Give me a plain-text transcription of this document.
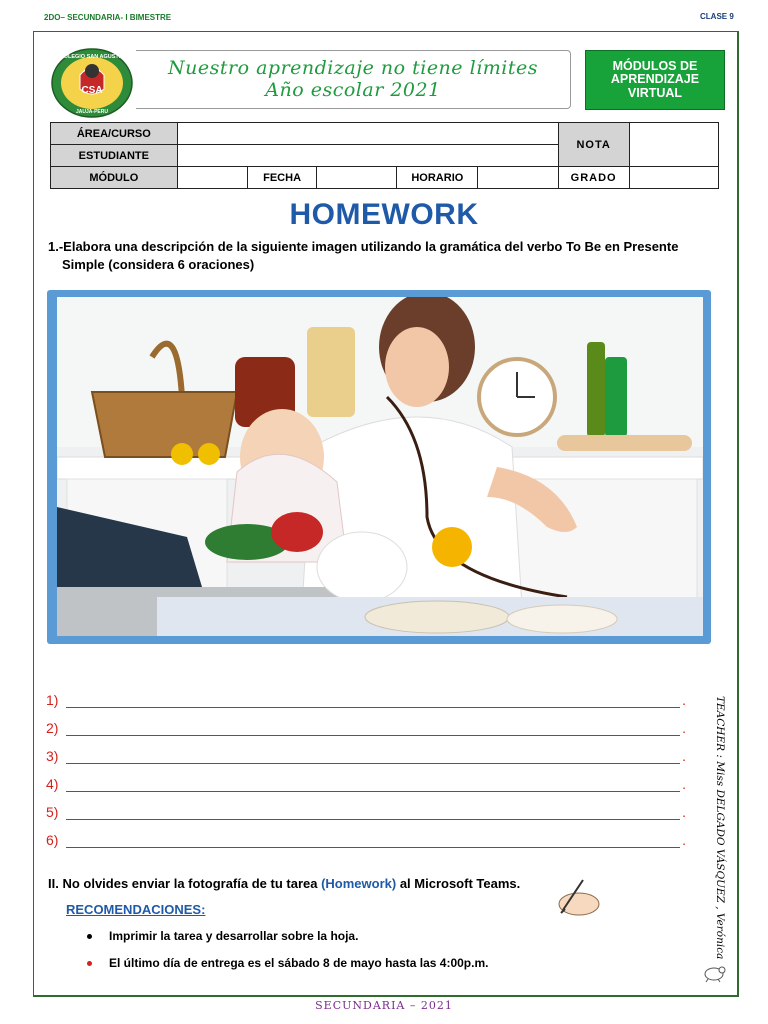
2DO– SECUNDARIA- I BIMESTRE	CLASE 9
CSA
COLEGIO SAN AGUSTIN
JAUJA-PERU
Nuestro aprendizaje no tiene límites
Año escolar 2021
MÓDULOS DE
APRENDIZAJE
VIRTUAL
ÁREA/CURSO						NOTA	
ESTUDIANTE							
MÓDULO		FECHA		HORARIO		GRADO	
HOMEWORK
1.-Elabora una descripción de la siguiente imagen utilizando la gramática del verbo To Be en Presente Simple (considera 6 oraciones)
1)	.
2)	.
3)	.
4)	.
5)	.
6)	.	TEACHER : Miss DELGADO VÁSQUEZ , Verónica
II. No olvides enviar la fotografía de tu tarea (Homework) al Microsoft Teams.
RECOMENDACIONES:
Imprimir la tarea y desarrollar sobre la hoja.
El último día de entrega es el sábado 8 de mayo hasta las 4:00p.m.
SECUNDARIA – 2021
